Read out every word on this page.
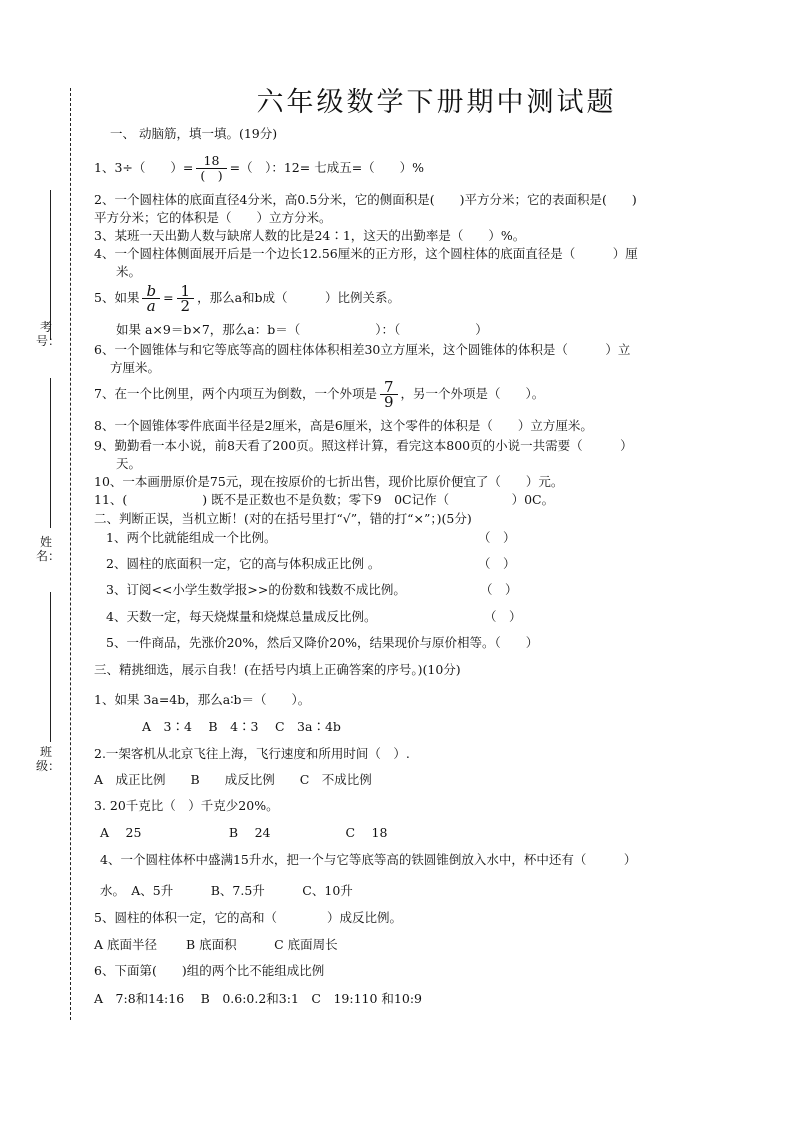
考号：
姓名：
班级：
六年级数学下册期中测试题
一、 动脑筋，填一填。(19分)
1、3÷（　　）= $\frac{18}{( )}$ =（　）：12= 七成五=（　　）%
2、一个圆柱体的底面直径4分米，高0.5分米，它的侧面积是(　　)平方分米；它的表面积是(　　)
平方分米；它的体积是（　　）立方分米。
3、某班一天出勤人数与缺席人数的比是24∶1，这天的出勤率是（　　）%。
4、一个圆柱体侧面展开后是一个边长12.56厘米的正方形，这个圆柱体的底面直径是（　　　）厘
米。
5、如果 $\frac{b}{a} = \frac{1}{2}$ ，那么a和b成（　　　）比例关系。
如果 a×9＝b×7，那么a：b＝（　　　　　　）：（　　　　　　）
6、一个圆锥体与和它等底等高的圆柱体体积相差30立方厘米，这个圆锥体的体积是（　　　）立
方厘米。
7、在一个比例里，两个内项互为倒数，一个外项是 $\frac{7}{9}$ ，另一个外项是（　　）。
8、一个圆锥体零件底面半径是2厘米，高是6厘米，这个零件的体积是（　　）立方厘米。
9、勤勤看一本小说，前8天看了200页。照这样计算，看完这本800页的小说一共需要（　　　）
天。
10、一本画册原价是75元，现在按原价的七折出售，现价比原价便宜了（　　）元。
11、(　　　　　　) 既不是正数也不是负数；零下9　0C记作（　　　　　）0C。
二、判断正误，当机立断！(对的在括号里打“√”，错的打“×”；)(5分)
1、两个比就能组成一个比例。	（　）
2、圆柱的底面积一定，它的高与体积成正比例 。	（　）
3、订阅<<小学生数学报>>的份数和钱数不成比例。	（　）
4、天数一定，每天烧煤量和烧煤总量成反比例。	（　）
5、一件商品，先涨价20%，然后又降价20%，结果现价与原价相等。（　　）
三、精挑细选，展示自我！(在括号内填上正确答案的序号。)(10分)
1、如果 3a=4b，那么a∶b＝（　　）。
A　3∶4　 B　4∶3　 C　3a∶4b
2.一架客机从北京飞往上海，飞行速度和所用时间（　）.
A　成正比例　　B　　成反比例　　C　不成比例
3. 20千克比（　）千克少20%。
A　 25　　　　　　　B　 24　　　　　　C　 18
4、一个圆柱体杯中盛满15升水，把一个与它等底等高的铁圆锥倒放入水中，杯中还有（　　　）
水。　A、5升　　　B、7.5升　　　C、10升
5、圆柱的体积一定，它的高和（　　　　）成反比例。
A 底面半径　　 B 底面积　　　C 底面周长
6、下面第(　　)组的两个比不能组成比例
A　7:8和14:16　 B　0.6:0.2和3:1　C　19:110 和10:9
